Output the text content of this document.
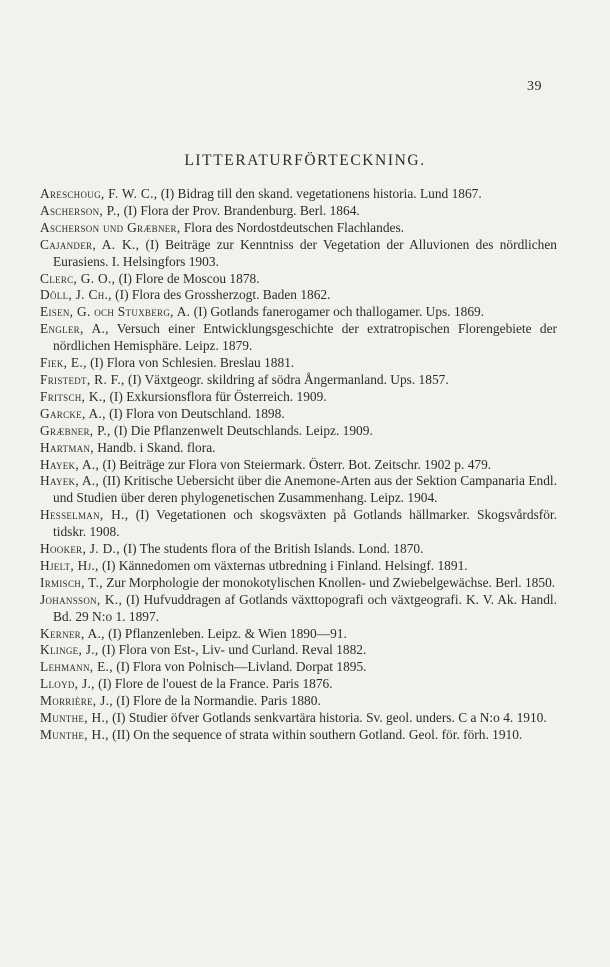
39
LITTERATURFÖRTECKNING.
Areschoug, F. W. C., (I) Bidrag till den skand. vegetationens historia. Lund 1867.
Ascherson, P., (I) Flora der Prov. Brandenburg. Berl. 1864.
Ascherson und Græbner, Flora des Nordostdeutschen Flachlandes.
Cajander, A. K., (I) Beiträge zur Kenntniss der Vegetation der Alluvionen des nördlichen Eurasiens. I. Helsingfors 1903.
Clerc, G. O., (I) Flore de Moscou 1878.
Döll, J. Ch., (I) Flora des Grossherzogt. Baden 1862.
Eisen, G. och Stuxberg, A. (I) Gotlands fanerogamer och thallogamer. Ups. 1869.
Engler, A., Versuch einer Entwicklungsgeschichte der extratropischen Florengebiete der nördlichen Hemisphäre. Leipz. 1879.
Fiek, E., (I) Flora von Schlesien. Breslau 1881.
Fristedt, R. F., (I) Växtgeogr. skildring af södra Ångermanland. Ups. 1857.
Fritsch, K., (I) Exkursionsflora für Österreich. 1909.
Garcke, A., (I) Flora von Deutschland. 1898.
Græbner, P., (I) Die Pflanzenwelt Deutschlands. Leipz. 1909.
Hartman, Handb. i Skand. flora.
Hayek, A., (I) Beiträge zur Flora von Steiermark. Österr. Bot. Zeitschr. 1902 p. 479.
Hayek, A., (II) Kritische Uebersicht über die Anemone-Arten aus der Sektion Campanaria Endl. und Studien über deren phylogenetischen Zusammenhang. Leipz. 1904.
Hesselman, H., (I) Vegetationen och skogsväxten på Gotlands hällmarker. Skogsvårdsför. tidskr. 1908.
Hooker, J. D., (I) The students flora of the British Islands. Lond. 1870.
Hjelt, Hj., (I) Kännedomen om växternas utbredning i Finland. Helsingf. 1891.
Irmisch, T., Zur Morphologie der monokotylischen Knollen- und Zwiebelgewächse. Berl. 1850.
Johansson, K., (I) Hufvuddragen af Gotlands växttopografi och växtgeografi. K. V. Ak. Handl. Bd. 29 N:o 1. 1897.
Kerner, A., (I) Pflanzenleben. Leipz. & Wien 1890—91.
Klinge, J., (I) Flora von Est-, Liv- und Curland. Reval 1882.
Lehmann, E., (I) Flora von Polnisch—Livland. Dorpat 1895.
Lloyd, J., (I) Flore de l'ouest de la France. Paris 1876.
Morrière, J., (I) Flore de la Normandie. Paris 1880.
Munthe, H., (I) Studier öfver Gotlands senkvartära historia. Sv. geol. unders. C a N:o 4. 1910.
Munthe, H., (II) On the sequence of strata within southern Gotland. Geol. för. förh. 1910.
